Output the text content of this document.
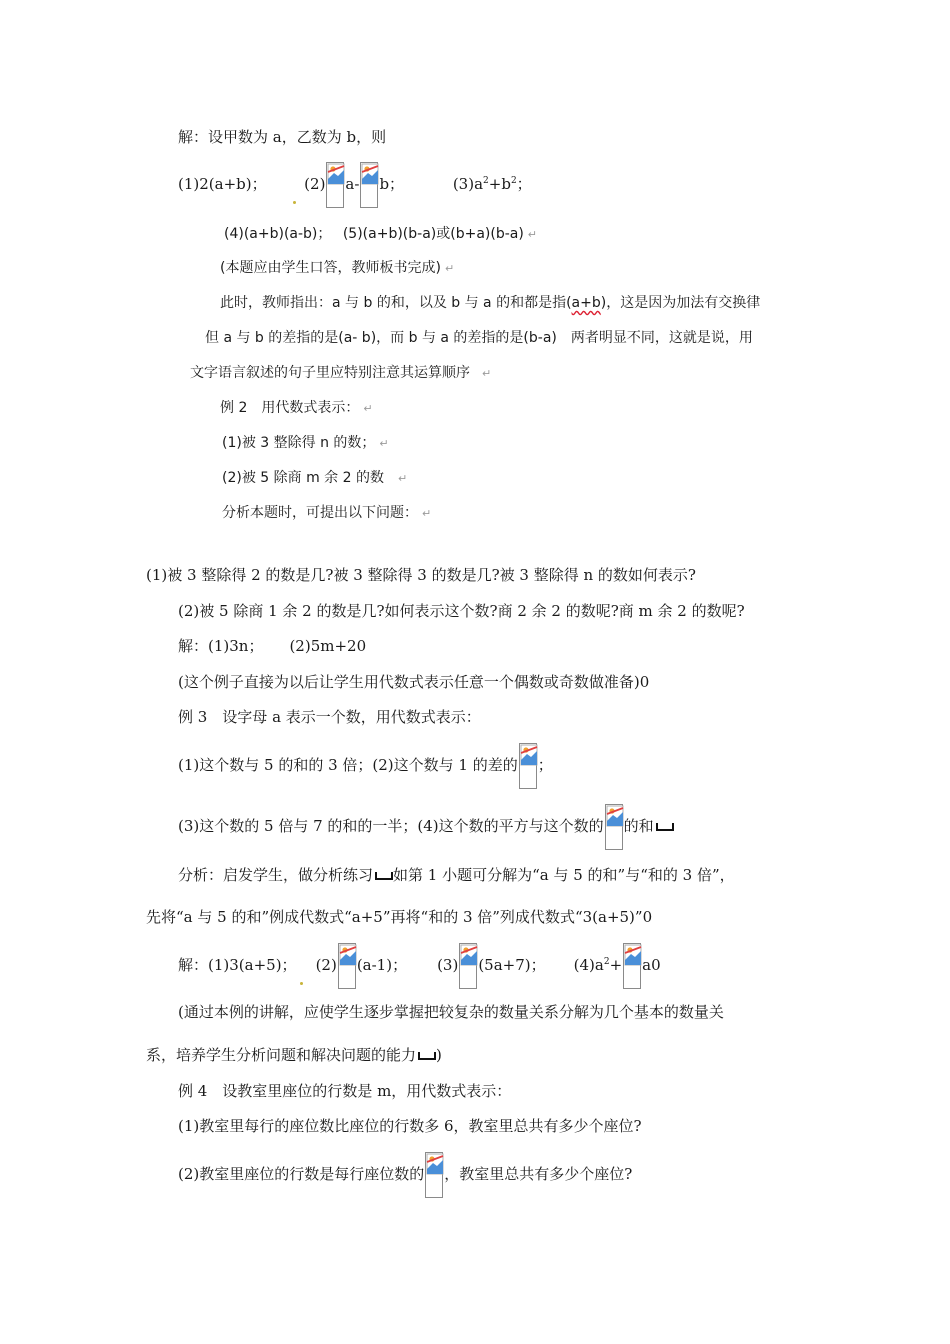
解：设甲数为 a，乙数为 b，则
(1)2(a+b)；	(2) a- b；	$(3)a^2+b^2$；
(4)(a+b)(a-b)；　 (5)(a+b)(b-a)或(b+a)(b-a) ↵
(本题应由学生口答，教师板书完成) ↵
此时，教师指出：a 与 b 的和，以及 b 与 a 的和都是指(a+b)，这是因为加法有交换律
但 a 与 b 的差指的是(a- b)，而 b 与 a 的差指的是(b-a)　两者明显不同，这就是说，用
文字语言叙述的句子里应特别注意其运算顺序 ↵
例 2　用代数式表示： ↵
(1)被 3 整除得 n 的数； ↵
(2)被 5 除商 m 余 2 的数 ↵
分析本题时，可提出以下问题： ↵
(1)被 3 整除得 2 的数是几?被 3 整除得 3 的数是几?被 3 整除得 n 的数如何表示?
(2)被 5 除商 1 余 2 的数是几?如何表示这个数?商 2 余 2 的数呢?商 m 余 2 的数呢?
解：(1)3n； (2)5m+20
(这个例子直接为以后让学生用代数式表示任意一个偶数或奇数做准备)0
例 3　设字母 a 表示一个数，用代数式表示：
(1)这个数与 5 的和的 3 倍；(2)这个数与 1 的差的 ；
(3)这个数的 5 倍与 7 的和的一半；(4)这个数的平方与这个数的 的和
分析：启发学生，做分析练习 如第 1 小题可分解为“a 与 5 的和”与“和的 3 倍”，
先将“a 与 5 的和”例成代数式“a+5”再将“和的 3 倍”列成代数式“3(a+5)”0
解：(1)3(a+5)； (2) (a-1)； (3) (5a+7)； $(4)a^2+ a0$
(通过本例的讲解，应使学生逐步掌握把较复杂的数量关系分解为几个基本的数量关
系，培养学生分析问题和解决问题的能力 )
例 4　设教室里座位的行数是 m，用代数式表示：
(1)教室里每行的座位数比座位的行数多 6，教室里总共有多少个座位?
(2)教室里座位的行数是每行座位数的 ，教室里总共有多少个座位?
